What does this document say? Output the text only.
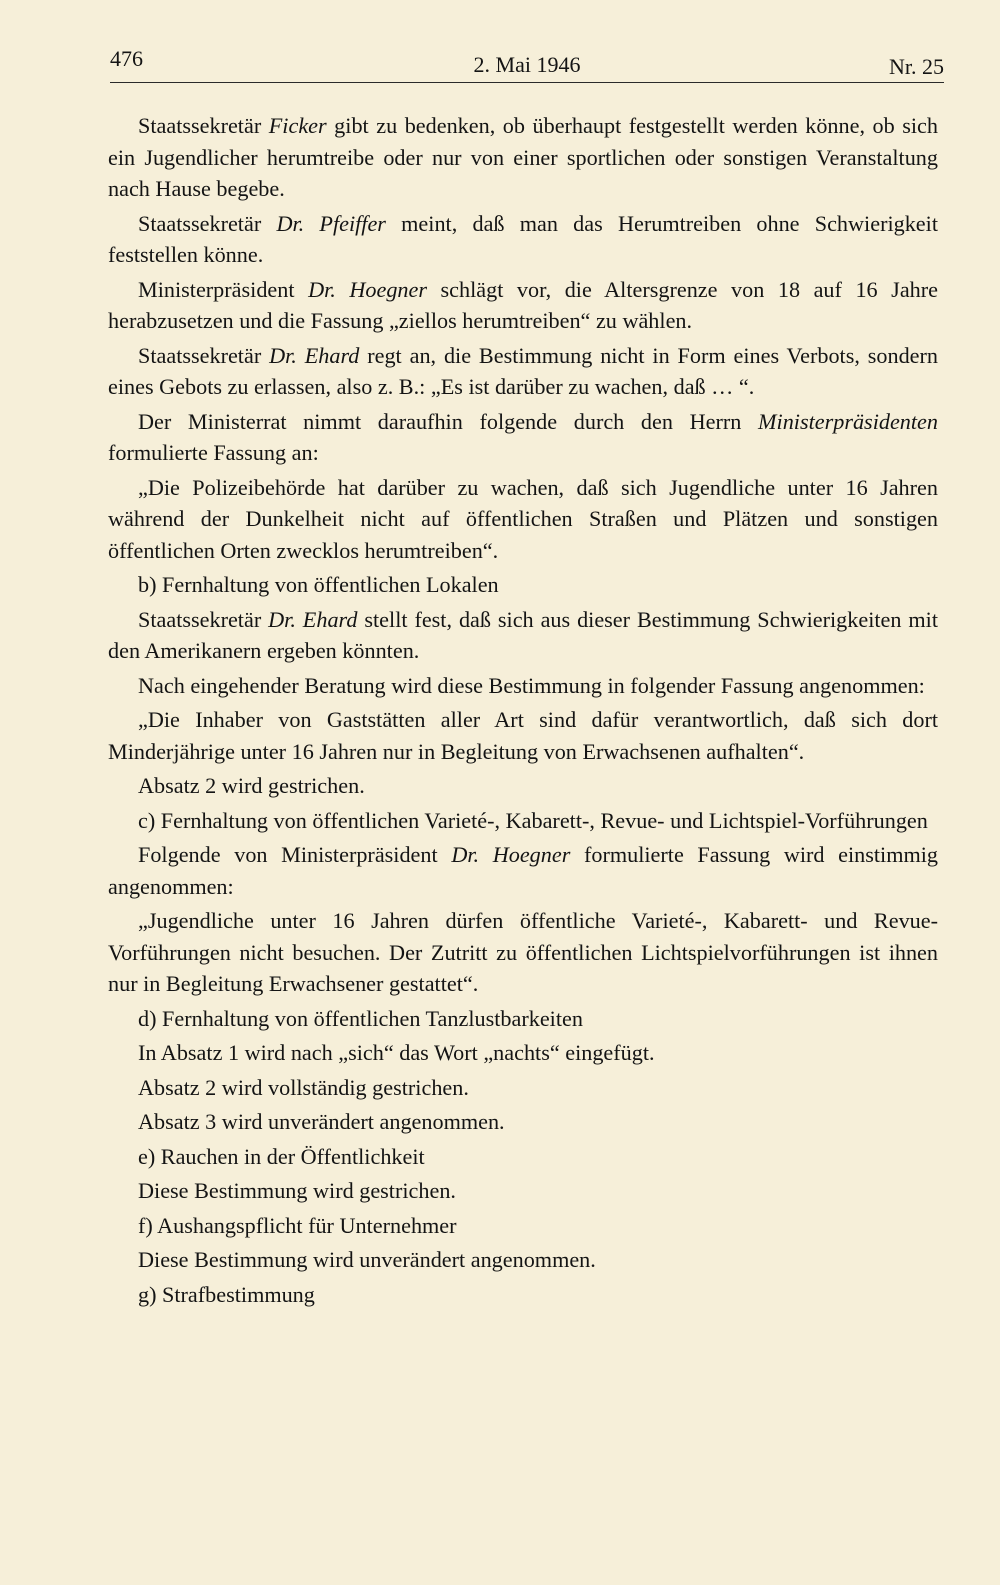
476	2. Mai 1946	Nr. 25

Staatssekretär Ficker gibt zu bedenken, ob überhaupt festgestellt werden könne, ob sich ein Jugendlicher herumtreibe oder nur von einer sportlichen oder sonstigen Veranstaltung nach Hause begebe.

Staatssekretär Dr. Pfeiffer meint, daß man das Herumtreiben ohne Schwierigkeit feststellen könne.

Ministerpräsident Dr. Hoegner schlägt vor, die Altersgrenze von 18 auf 16 Jahre herabzusetzen und die Fassung „ziellos herumtreiben“ zu wählen.

Staatssekretär Dr. Ehard regt an, die Bestimmung nicht in Form eines Verbots, sondern eines Gebots zu erlassen, also z. B.: „Es ist darüber zu wachen, daß … “.

Der Ministerrat nimmt daraufhin folgende durch den Herrn Ministerpräsidenten formulierte Fassung an:

„Die Polizeibehörde hat darüber zu wachen, daß sich Jugendliche unter 16 Jahren während der Dunkelheit nicht auf öffentlichen Straßen und Plätzen und sonstigen öffentlichen Orten zwecklos herumtreiben“.

b) Fernhaltung von öffentlichen Lokalen

Staatssekretär Dr. Ehard stellt fest, daß sich aus dieser Bestimmung Schwierigkeiten mit den Amerikanern ergeben könnten.

Nach eingehender Beratung wird diese Bestimmung in folgender Fassung angenommen:

„Die Inhaber von Gaststätten aller Art sind dafür verantwortlich, daß sich dort Minderjährige unter 16 Jahren nur in Begleitung von Erwachsenen aufhalten“.

Absatz 2 wird gestrichen.

c) Fernhaltung von öffentlichen Varieté-, Kabarett-, Revue- und Lichtspiel-Vorführungen

Folgende von Ministerpräsident Dr. Hoegner formulierte Fassung wird einstimmig angenommen:

„Jugendliche unter 16 Jahren dürfen öffentliche Varieté-, Kabarett- und Revue-Vorführungen nicht besuchen. Der Zutritt zu öffentlichen Lichtspielvorführungen ist ihnen nur in Begleitung Erwachsener gestattet“.

d) Fernhaltung von öffentlichen Tanzlustbarkeiten

In Absatz 1 wird nach „sich“ das Wort „nachts“ eingefügt.

Absatz 2 wird vollständig gestrichen.

Absatz 3 wird unverändert angenommen.

e) Rauchen in der Öffentlichkeit

Diese Bestimmung wird gestrichen.

f) Aushangspflicht für Unternehmer

Diese Bestimmung wird unverändert angenommen.

g) Strafbestimmung
